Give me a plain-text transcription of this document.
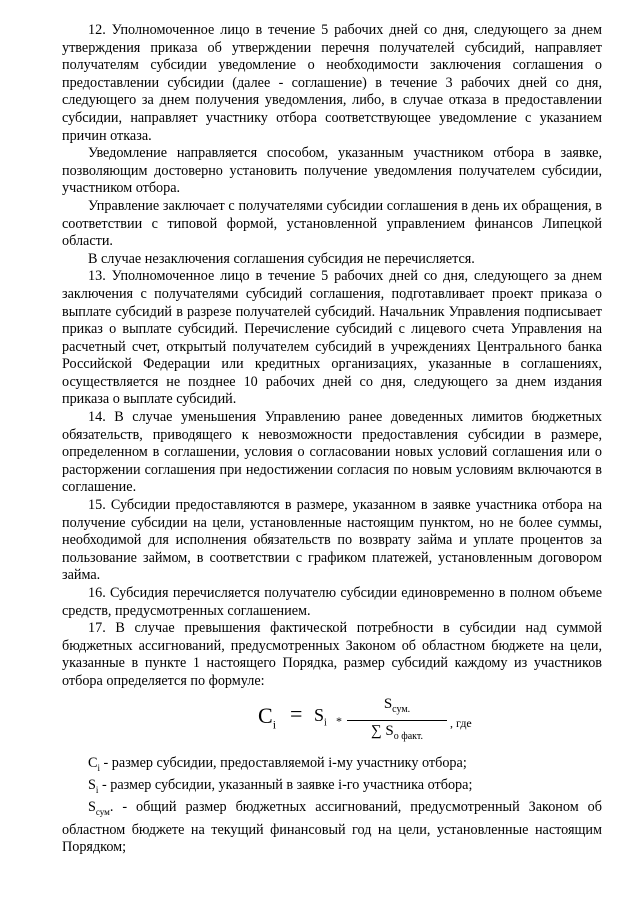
12. Уполномоченное лицо в течение 5 рабочих дней со дня, следующего за днем утверждения приказа об утверждении перечня получателей субсидий, направляет получателям субсидии уведомление о необходимости заключения соглашения о предоставлении субсидии (далее - соглашение) в течение 3 рабочих дней со дня, следующего за днем получения уведомления, либо, в случае отказа в предоставлении субсидии, направляет участнику отбора соответствующее уведомление с указанием причин отказа.

Уведомление направляется способом, указанным участником отбора в заявке, позволяющим достоверно установить получение уведомления получателем субсидии, участником отбора.

Управление заключает с получателями субсидии соглашения в день их обращения, в соответствии с типовой формой, установленной управлением финансов Липецкой области.

В случае незаключения соглашения субсидия не перечисляется.

13. Уполномоченное лицо в течение 5 рабочих дней со дня, следующего за днем заключения с получателями субсидий соглашения, подготавливает проект приказа о выплате субсидий в разрезе получателей субсидий. Начальник Управления подписывает приказ о выплате субсидий. Перечисление субсидий с лицевого счета Управления на расчетный счет, открытый получателем субсидий в учреждениях Центрального банка Российской Федерации или кредитных организациях, указанные в соглашениях, осуществляется не позднее 10 рабочих дней со дня, следующего за днем издания приказа о выплате субсидий.

14. В случае уменьшения Управлению ранее доведенных лимитов бюджетных обязательств, приводящего к невозможности предоставления субсидии в размере, определенном в соглашении, условия о согласовании новых условий соглашения или о расторжении соглашения при недостижении согласия по новым условиям включаются в соглашение.

15. Субсидии предоставляются в размере, указанном в заявке участника отбора на получение субсидии на цели, установленные настоящим пунктом, но не более суммы, необходимой для исполнения обязательств по возврату займа и уплате процентов за пользование займом, в соответствии с графиком платежей, установленным договором займа.

16. Субсидия перечисляется получателю субсидии единовременно в полном объеме средств, предусмотренных соглашением.

17. В случае превышения фактической потребности в субсидии над суммой бюджетных ассигнований, предусмотренных Законом об областном бюджете на цели, указанные в пункте 1 настоящего Порядка, размер субсидий каждому из участников отбора определяется по формуле:

$C_i = S_i$ *
$S_{сум.}$
∑ $S_{о факт.}$
, где

$C_i$ - размер субсидии, предоставляемой i-му участнику отбора;

$S_i$ - размер субсидии, указанный в заявке i-го участника отбора;

$S_{сум}$. - общий размер бюджетных ассигнований, предусмотренный Законом об областном бюджете на текущий финансовый год на цели, установленные настоящим Порядком;
